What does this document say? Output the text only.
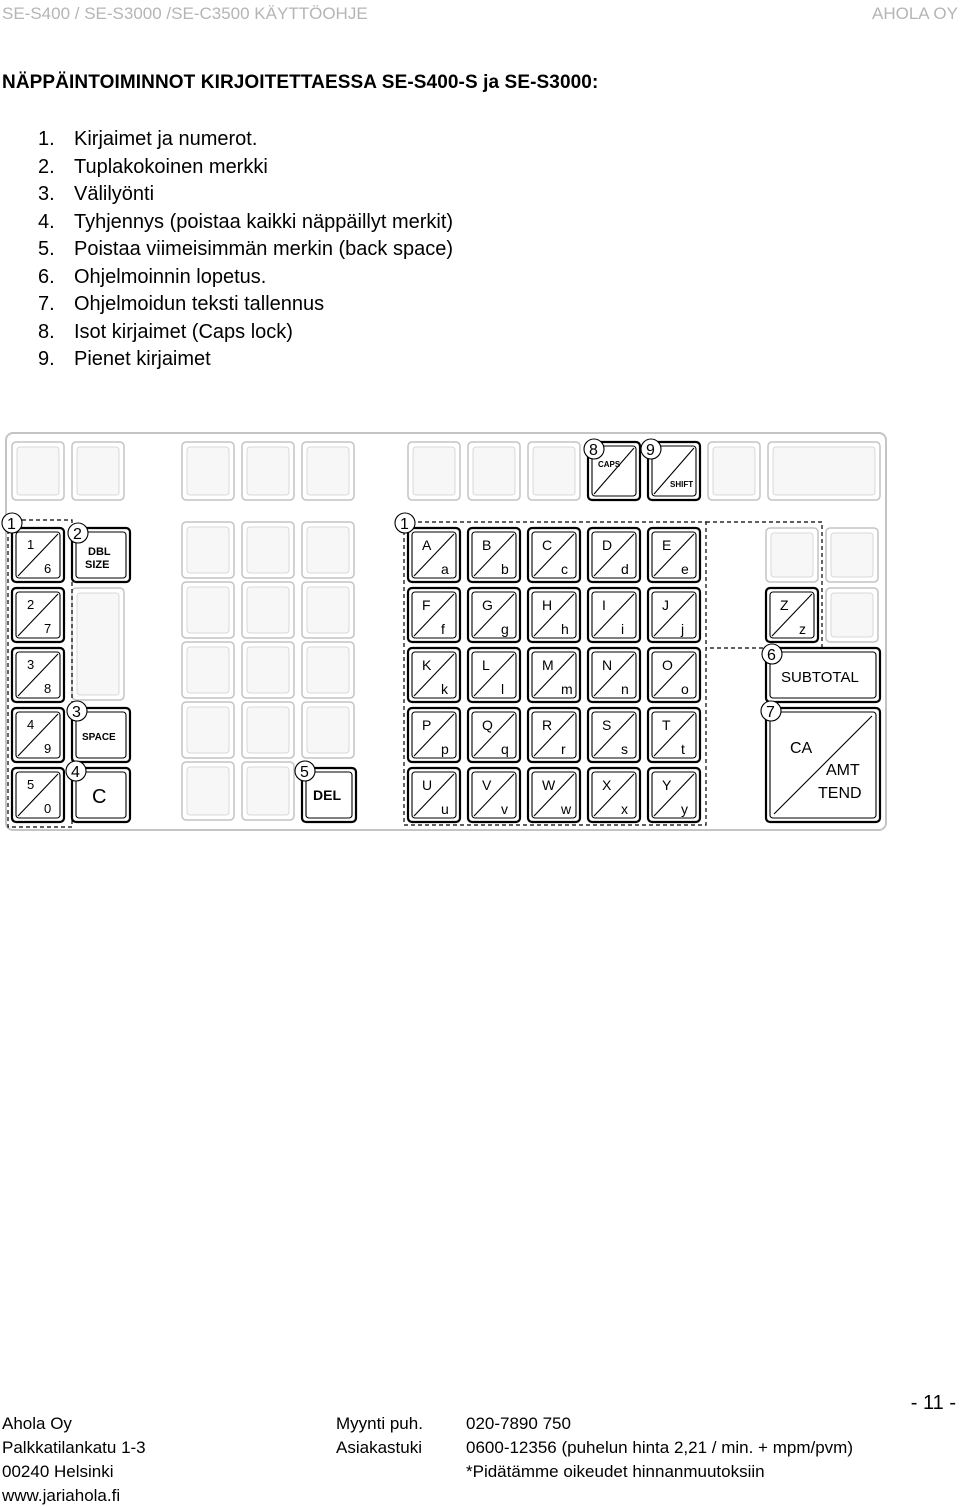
SE-S400 / SE-S3000 /SE-C3500 KÄYTTÖOHJE	AHOLA OY
NÄPPÄINTOIMINNOT KIRJOITETTAESSA SE-S400-S ja SE-S3000:
1. Kirjaimet ja numerot.
2. Tuplakokoinen merkki
3. Välilyönti
4. Tyhjennys (poistaa kaikki näppäillyt merkit)
5. Poistaa viimeisimmän merkin (back space)
6. Ohjelmoinnin lopetus.
7. Ohjelmoidun teksti tallennus
8. Isot kirjaimet (Caps lock)
9. Pienet kirjaimet
1
6
2
7
3
8
4
9
5
0
A
a
B
b
C
c
D
d
E
e
F
f
G
g
H
h
I
i
J
j
K
k
L
l
M
m
N
n
O
o
P
p
Q
q
R
r
S
s
T
t
U
u
V
v
W
w
X
x
Y
y
Z
z
DBL
SIZE
SPACE
C	DEL
CAPS
SHIFT
SUBTOTAL
CA
AMT
TEND
1
2
1
3
4	5
6
7
8	9
- 11 -
Ahola Oy
Palkkatilankatu 1-3
00240 Helsinki
www.jariahola.fi
Myynti puh.	020-7890 750
Asiakastuki	0600-12356 (puhelun hinta 2,21 / min. + mpm/pvm)
*Pidätämme oikeudet hinnanmuutoksiin
